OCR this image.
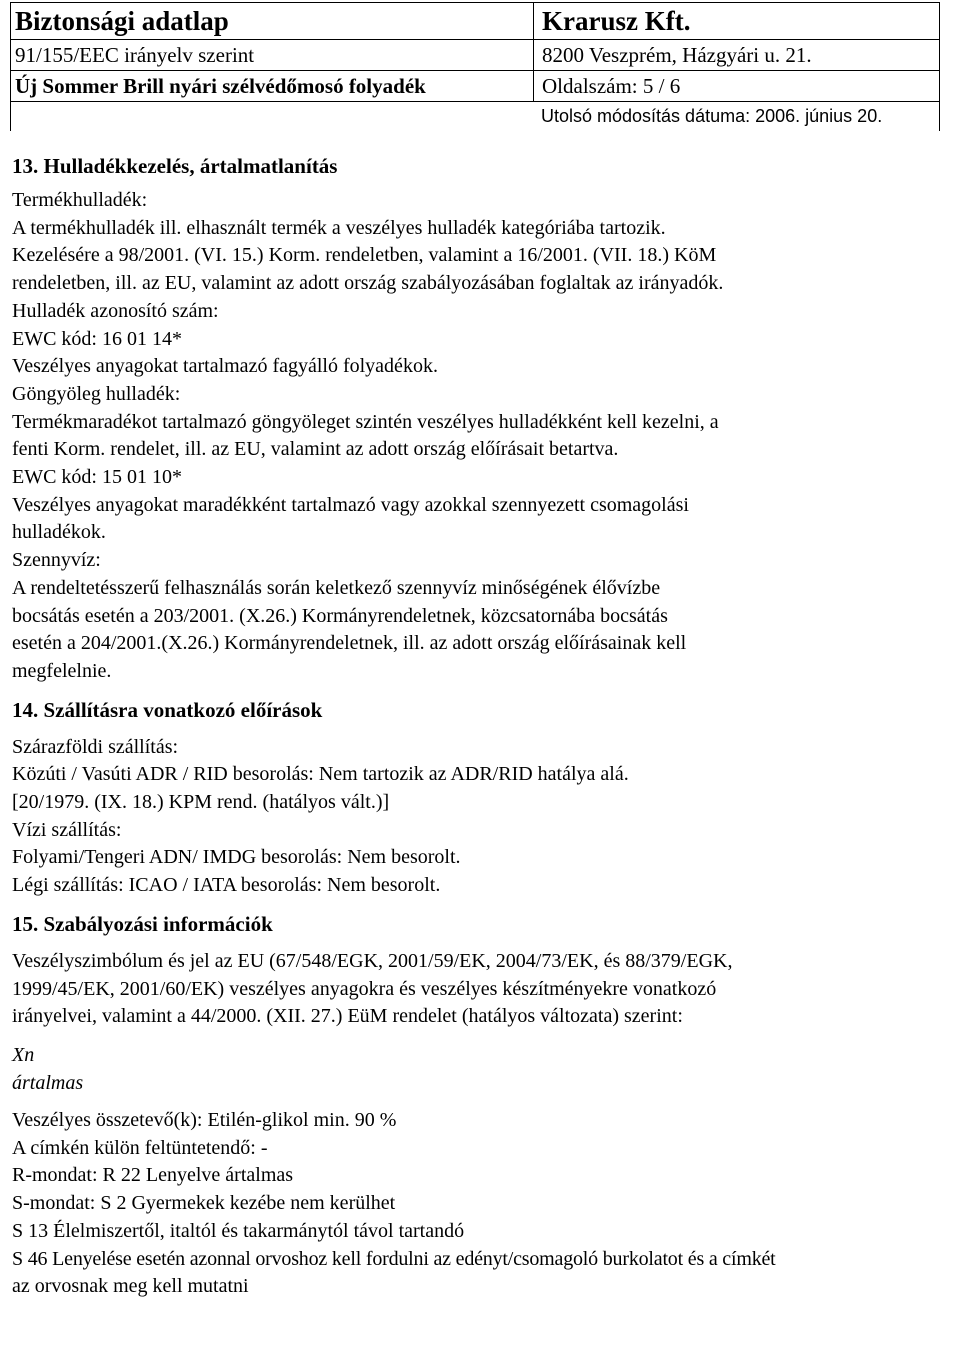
Biztonsági adatlap	Krarusz Kft.
91/155/EEC irányelv szerint	8200 Veszprém, Házgyári u. 21.
Új Sommer Brill nyári szélvédőmosó folyadék	Oldalszám: 5 / 6
Utolsó módosítás dátuma: 2006. június 20.

13. Hulladékkezelés, ártalmatlanítás

Termékhulladék:

A termékhulladék ill. elhasznált termék a veszélyes hulladék kategóriába tartozik.

Kezelésére a 98/2001. (VI. 15.) Korm. rendeletben, valamint a 16/2001. (VII. 18.) KöM

rendeletben, ill. az EU, valamint az adott ország szabályozásában foglaltak az irányadók.

Hulladék azonosító szám:

EWC kód: 16 01 14*

Veszélyes anyagokat tartalmazó fagyálló folyadékok.

Göngyöleg hulladék:

Termékmaradékot tartalmazó göngyöleget szintén veszélyes hulladékként kell kezelni, a

fenti Korm. rendelet, ill. az EU, valamint az adott ország előírásait betartva.

EWC kód: 15 01 10*

Veszélyes anyagokat maradékként tartalmazó vagy azokkal szennyezett csomagolási

hulladékok.

Szennyvíz:

A rendeltetésszerű felhasználás során keletkező szennyvíz minőségének élővízbe

bocsátás esetén a 203/2001. (X.26.) Kormányrendeletnek, közcsatornába bocsátás

esetén a 204/2001.(X.26.) Kormányrendeletnek, ill. az adott ország előírásainak kell

megfelelnie.

14. Szállításra vonatkozó előírások

Szárazföldi szállítás:

Közúti / Vasúti ADR / RID besorolás: Nem tartozik az ADR/RID hatálya alá.

[20/1979. (IX. 18.) KPM rend. (hatályos vált.)]

Vízi szállítás:

Folyami/Tengeri ADN/ IMDG besorolás: Nem besorolt.

Légi szállítás: ICAO / IATA besorolás: Nem besorolt.

15. Szabályozási információk

Veszélyszimbólum és jel az EU (67/548/EGK, 2001/59/EK, 2004/73/EK, és 88/379/EGK,

1999/45/EK, 2001/60/EK) veszélyes anyagokra és veszélyes készítményekre vonatkozó

irányelvei, valamint a 44/2000. (XII. 27.) EüM rendelet (hatályos változata) szerint:

Xn

ártalmas

Veszélyes összetevő(k): Etilén-glikol min. 90 %

A címkén külön feltüntetendő: -

R-mondat: R 22 Lenyelve ártalmas

S-mondat: S 2 Gyermekek kezébe nem kerülhet

S 13 Élelmiszertől, italtól és takarmánytól távol tartandó

S 46 Lenyelése esetén azonnal orvoshoz kell fordulni az edényt/csomagoló burkolatot és a címkét

az orvosnak meg kell mutatni
